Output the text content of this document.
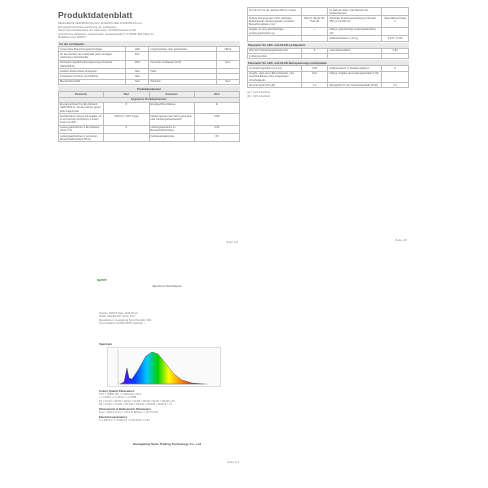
Produktdatenblatt
DELEGIERTE VERORDNUNG (EU) 2019/2015 DER KOMMISSION vom
Energieverbrauchskennzeichnung von Lichtquellen
Name oder Handelsmarke des Lieferanten: SLOWE Handels GmbH
Anschrift des Lieferanten: Gartenstraße, Gewerbestraße 8, D-35818, Bad Vilbel, 42
Modellkennung: 000673
Art der Lichtquelle:
Verwendete Beleuchtungstechnologie:	LED	Ungebündeltes oder gebündeltes:	NDLS
Art des Sockels der Lichtquelle (oder sonstiges elektrisches Schnittstelle)	E27		
Netzspannung/Nicht-Netzspannung-Lichtquelle (MLS/NMLS):	MLS	Vernetzte Lichtquelle (CLS):	Nein
Farblich abstimmbare Lichtquelle:	Nein	Hülle:	
Lichtquelle mit hoher Leuchtdichte:	Nein		
Blendschutzschild:	Nein	Dimmbar:	Nein
Produktparameter
Parameter	Wert	Parameter	Wert
Allgemeine Produktparameter:			
Energieverbrauch im Ein-Zustand (kWh/1000 h), auf die nächste ganze Zahl aufgerundet	8	Energieeffizienzklasse	E
Nutzlichtstrom (Φuse) mit Angabe, ob er sich auf den Lichtstrom in einem Kegel mit 360° ...	1100 lm in 360° Kegel	Farbtemperatur (auf 100 K gerundet), oder Farbtemperaturbereich	2700
Leistungsaufnahme im Ein-Zustand (Pon) in W	8	Leistungsaufnahme im Bereitschaftszustand	0.00
Leistungsaufnahme im vernetzten Bereitschaftszustand (Pnet)		Farbwiedergabeindex	80
Seite 1/2
für 0,9 m/m für die nächste Zahl zu runden		lm Zahl gerundet, oder Bereich der Farbtemperatur	
Äußere Abmessungen ohne separates Betriebsgerät, Steuerungsteile und Nicht-Beleuchtungsteile (mm)	Höhe 8 / Breite 60 / Tiefe 60	Spektrale Strahlungsverteilung im Bereich 250 nm bis 800 nm	Siehe Bild auf Seite 2
Angabe zu einer gleichwertigen Leistungsaufnahme (a)	—	Falls ja, gleichwertige Leistungsaufnahme (W)	
		Farbkoordinaten (x und y)	0.470 / 0.413
Parameter für LED- und OLED-Lichtquellen
Wert des Farbwiedergabeindex R9	8	Lebensdauerfaktor	0.90
Lichtstromerhalt			
Parameter für LED- und OLED-Netzspannungs-Lichtquellen
Verschiebungsfaktor (cos φ1)	0.50	Farbkonsistenz in McAdam-Ellipsen	6
Angabe, dass eine LED-Lichtquelle, eine Leuchtstofflampe ohne eingebautes Vorschaltgerät ...	Nein	Falls ja, Angabe der Leistungsaufnahme (W)	
Flimmermetrik (Pst LM)	1.0	Messgröße für den Stroboskopeffekt (SVM)	0.4
(a) = nicht zutreffend
(b) = nicht zutreffend
Seite 2/2
sprie
Spectrum Test Report
Sample: 000673 Date: 2019-05-12
Model: LED 8W E27 Temp: 25°C
Manufacturer: Guangdong Sprie Humidity: 60%
Test Condition: AC230V 50Hz Operator: —
Spectrum
Colour Quality Parameters
CCT = 2698K Duv = 0.0031 Ra = 82.4
x = 0.4604 y = 0.4132 u' = 0.2588
R1 = 81 R2 = 89 R3 = 93 R4 = 80 R5 = 80 R6 = 84 R7 = 86 R8 = 66
R9 = 9 R10 = 73 R11 = 80 R12 = 64 R13 = 83 R14 = 96 R15 = 76
Photometric & Radiometric Parameters
Flux = 1100.2 lm Fe = 3.512 W Efficacy = 137.5 lm/W
Electrical parameters
U = 230.0 V I = 0.069 A P = 8.00 W PF = 0.50
Guangdong Sprie Trading Technology Co., Ltd
Seite 1/1
